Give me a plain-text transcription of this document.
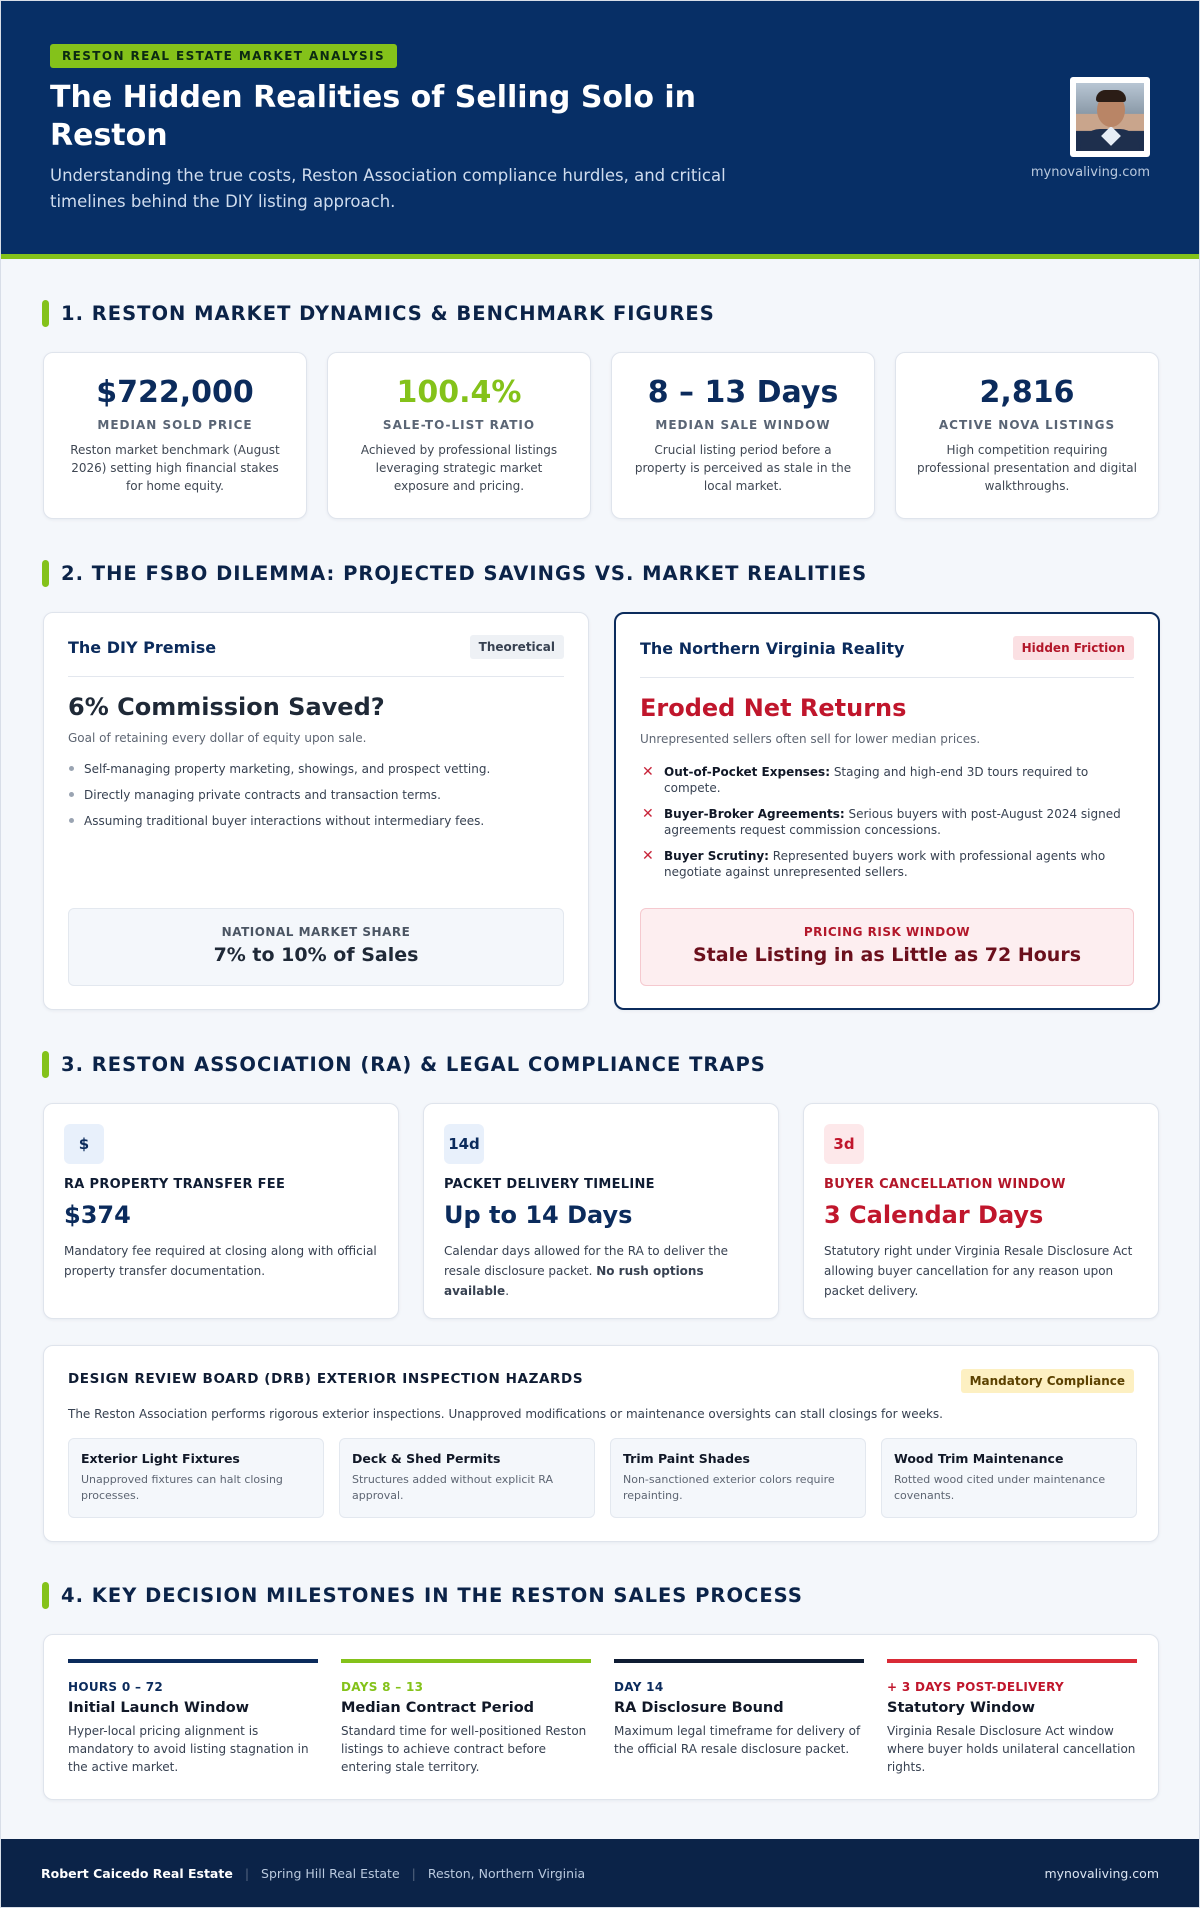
RESTON REAL ESTATE MARKET ANALYSIS
The Hidden Realities of Selling Solo in Reston
Understanding the true costs, Reston Association compliance hurdles, and critical timelines behind the DIY listing approach.
mynovaliving.com
1. RESTON MARKET DYNAMICS & BENCHMARK FIGURES
$722,000
MEDIAN SOLD PRICE
Reston market benchmark (August 2026) setting high financial stakes for home equity.
100.4%
SALE-TO-LIST RATIO
Achieved by professional listings leveraging strategic market exposure and pricing.
8 – 13 Days
MEDIAN SALE WINDOW
Crucial listing period before a property is perceived as stale in the local market.
2,816
ACTIVE NOVA LISTINGS
High competition requiring professional presentation and digital walkthroughs.
2. THE FSBO DILEMMA: PROJECTED SAVINGS VS. MARKET REALITIES
The DIY Premise	Theoretical
6% Commission Saved?
Goal of retaining every dollar of equity upon sale.
Self-managing property marketing, showings, and prospect vetting.
Directly managing private contracts and transaction terms.
Assuming traditional buyer interactions without intermediary fees.
NATIONAL MARKET SHARE
7% to 10% of Sales
The Northern Virginia Reality	Hidden Friction
Eroded Net Returns
Unrepresented sellers often sell for lower median prices.
✕ Out-of-Pocket Expenses: Staging and high-end 3D tours required to compete.
✕ Buyer-Broker Agreements: Serious buyers with post-August 2024 signed agreements request commission concessions.
✕ Buyer Scrutiny: Represented buyers work with professional agents who negotiate against unrepresented sellers.
PRICING RISK WINDOW
Stale Listing in as Little as 72 Hours
3. RESTON ASSOCIATION (RA) & LEGAL COMPLIANCE TRAPS
$
RA PROPERTY TRANSFER FEE
$374
Mandatory fee required at closing along with official property transfer documentation.
14d
PACKET DELIVERY TIMELINE
Up to 14 Days
Calendar days allowed for the RA to deliver the resale disclosure packet. No rush options available.
3d
BUYER CANCELLATION WINDOW
3 Calendar Days
Statutory right under Virginia Resale Disclosure Act allowing buyer cancellation for any reason upon packet delivery.
DESIGN REVIEW BOARD (DRB) EXTERIOR INSPECTION HAZARDS	Mandatory Compliance
The Reston Association performs rigorous exterior inspections. Unapproved modifications or maintenance oversights can stall closings for weeks.
Exterior Light Fixtures
Unapproved fixtures can halt closing processes.
Deck & Shed Permits
Structures added without explicit RA approval.
Trim Paint Shades
Non-sanctioned exterior colors require repainting.
Wood Trim Maintenance
Rotted wood cited under maintenance covenants.
4. KEY DECISION MILESTONES IN THE RESTON SALES PROCESS
HOURS 0 – 72
Initial Launch Window
Hyper-local pricing alignment is mandatory to avoid listing stagnation in the active market.
DAYS 8 – 13
Median Contract Period
Standard time for well-positioned Reston listings to achieve contract before entering stale territory.
DAY 14
RA Disclosure Bound
Maximum legal timeframe for delivery of the official RA resale disclosure packet.
+ 3 DAYS POST-DELIVERY
Statutory Window
Virginia Resale Disclosure Act window where buyer holds unilateral cancellation rights.
Robert Caicedo Real Estate | Spring Hill Real Estate | Reston, Northern Virginia	mynovaliving.com
